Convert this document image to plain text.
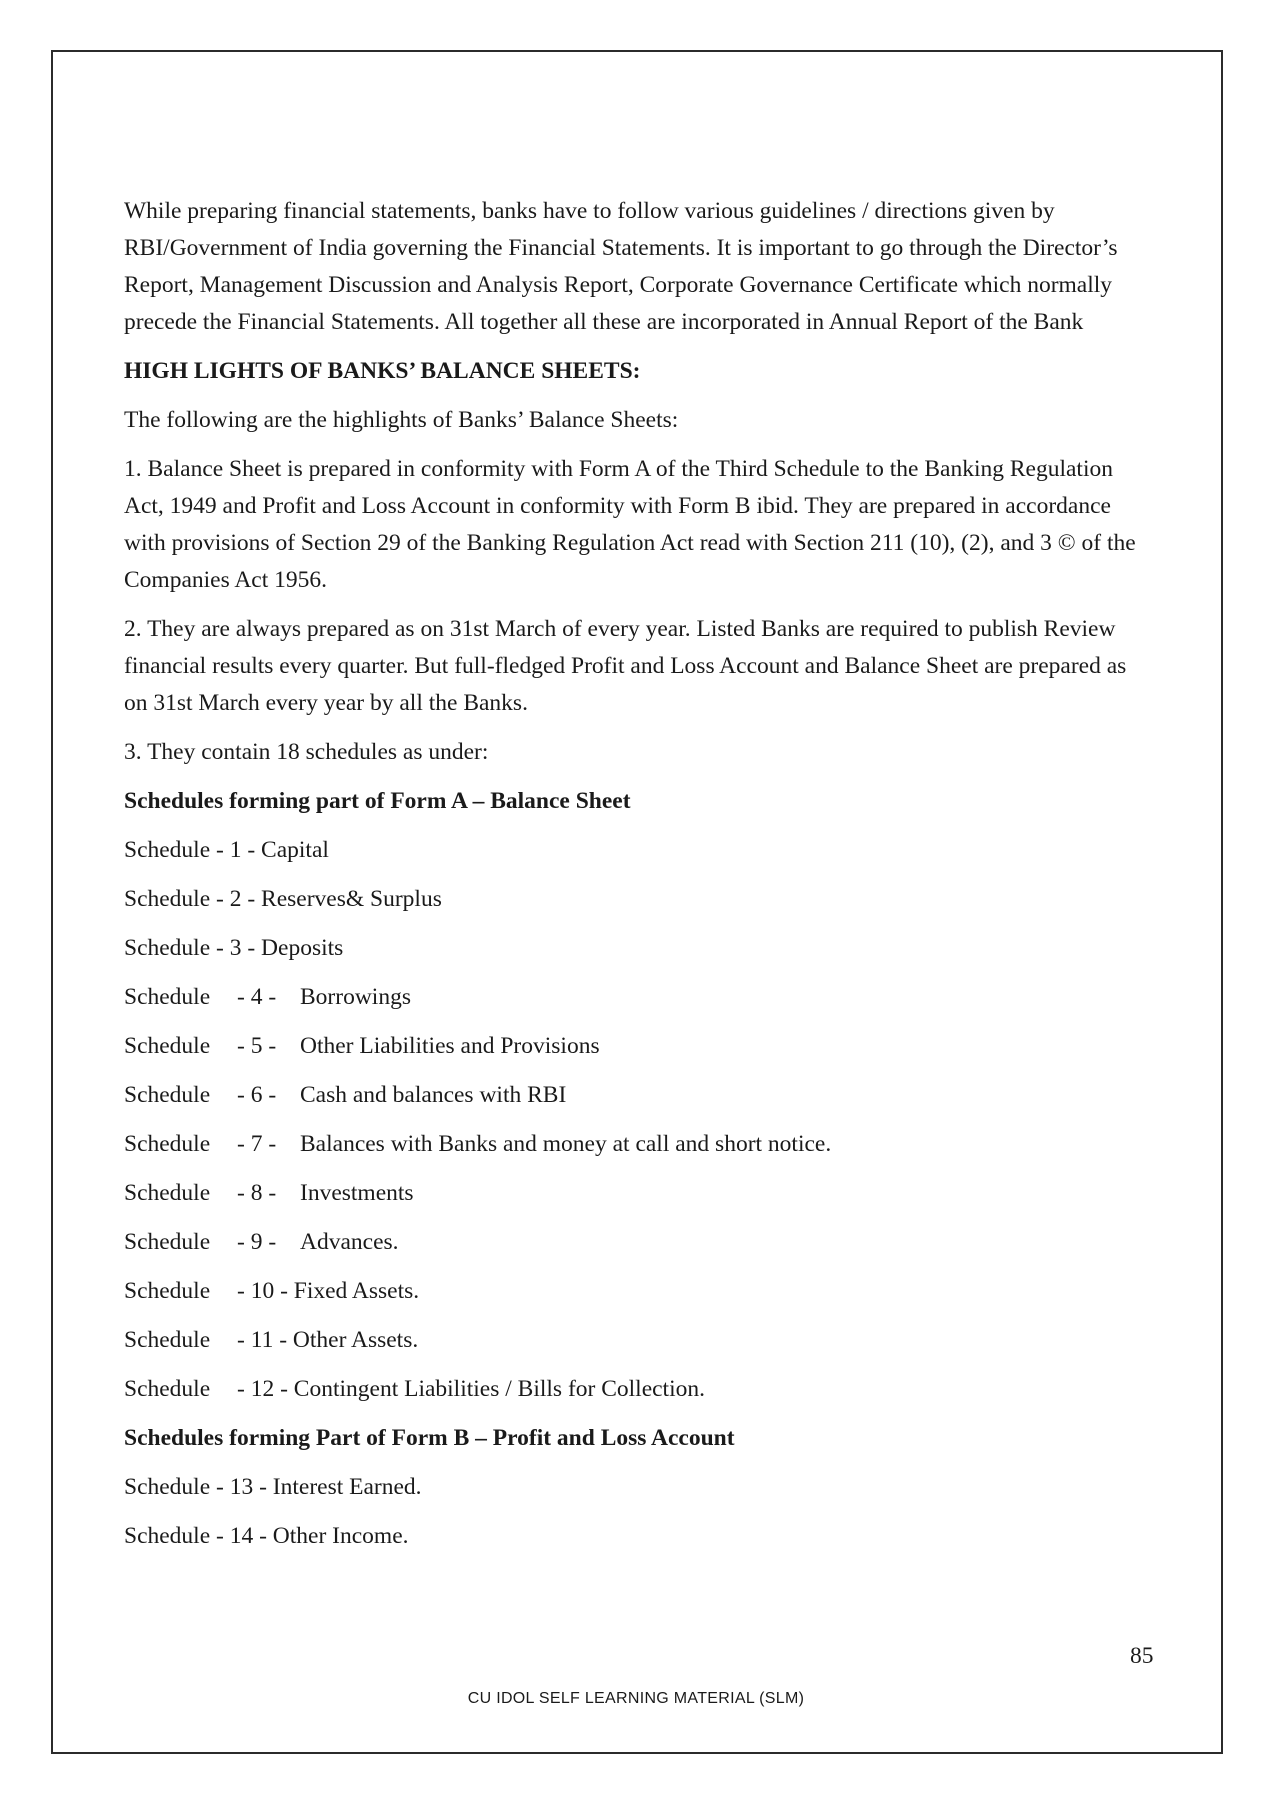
While preparing financial statements, banks have to follow various guidelines / directions given by RBI/Government of India governing the Financial Statements. It is important to go through the Director’s Report, Management Discussion and Analysis Report, Corporate Governance Certificate which normally precede the Financial Statements. All together all these are incorporated in Annual Report of the Bank

HIGH LIGHTS OF BANKS’ BALANCE SHEETS:

The following are the highlights of Banks’ Balance Sheets:

1. Balance Sheet is prepared in conformity with Form A of the Third Schedule to the Banking Regulation Act, 1949 and Profit and Loss Account in conformity with Form B ibid. They are prepared in accordance with provisions of Section 29 of the Banking Regulation Act read with Section 211 (10), (2), and 3 © of the Companies Act 1956.

2. They are always prepared as on 31st March of every year. Listed Banks are required to publish Review financial results every quarter. But full-fledged Profit and Loss Account and Balance Sheet are prepared as on 31st March every year by all the Banks.

3. They contain 18 schedules as under:

Schedules forming part of Form A – Balance Sheet

Schedule - 1 - Capital

Schedule - 2 - Reserves& Surplus

Schedule - 3 - Deposits

Schedule	- 4 -	Borrowings
Schedule	- 5 -	Other Liabilities and Provisions
Schedule	- 6 -	Cash and balances with RBI
Schedule	- 7 -	Balances with Banks and money at call and short notice.
Schedule	- 8 -	Investments
Schedule	- 9 -	Advances.
Schedule	- 10 - Fixed Assets.
Schedule	- 11 - Other Assets.
Schedule	- 12 - Contingent Liabilities / Bills for Collection.

Schedules forming Part of Form B – Profit and Loss Account

Schedule - 13 - Interest Earned.

Schedule - 14 - Other Income.

85
CU IDOL SELF LEARNING MATERIAL (SLM)
